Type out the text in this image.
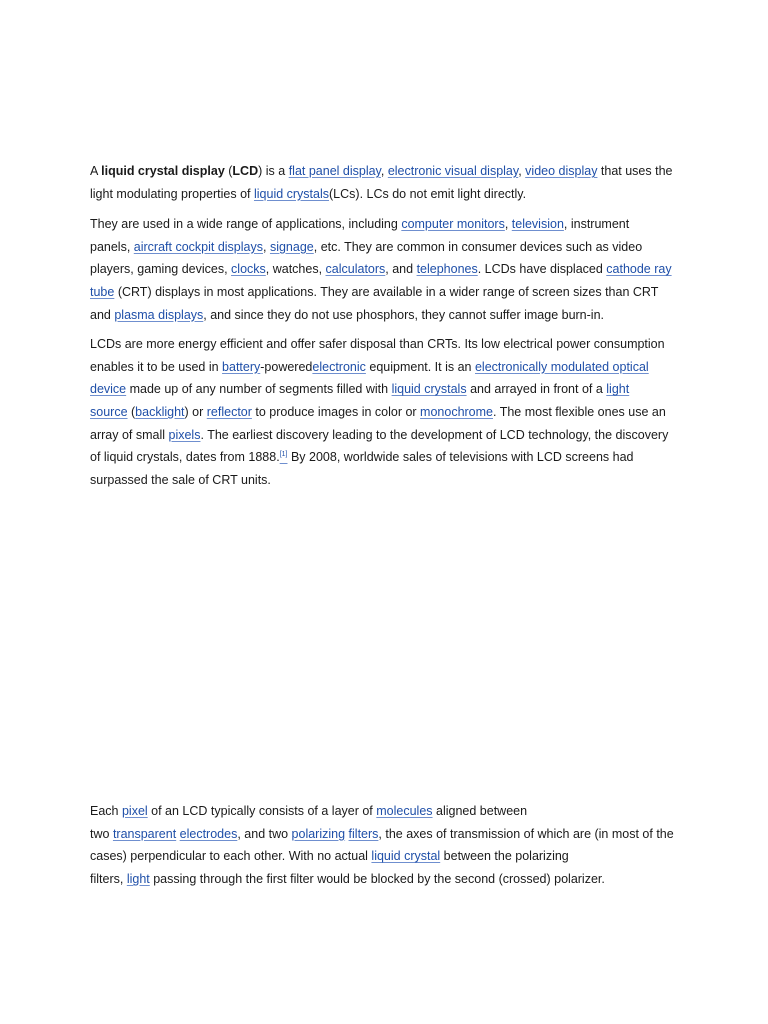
A liquid crystal display (LCD) is a flat panel display, electronic visual display, video display that uses the
light modulating properties of liquid crystals(LCs). LCs do not emit light directly.
They are used in a wide range of applications, including computer monitors, television, instrument
panels, aircraft cockpit displays, signage, etc. They are common in consumer devices such as video
players, gaming devices, clocks, watches, calculators, and telephones. LCDs have displaced cathode ray
tube (CRT) displays in most applications. They are available in a wider range of screen sizes than CRT
and plasma displays, and since they do not use phosphors, they cannot suffer image burn-in.
LCDs are more energy efficient and offer safer disposal than CRTs. Its low electrical power consumption
enables it to be used in battery-poweredelectronic equipment. It is an electronically modulated optical
device made up of any number of segments filled with liquid crystals and arrayed in front of a light
source (backlight) or reflector to produce images in color or monochrome. The most flexible ones use an
array of small pixels. The earliest discovery leading to the development of LCD technology, the discovery
of liquid crystals, dates from 1888.[1] By 2008, worldwide sales of televisions with LCD screens had
surpassed the sale of CRT units.
Each pixel of an LCD typically consists of a layer of molecules aligned between
two transparent electrodes, and two polarizing filters, the axes of transmission of which are (in most of the
cases) perpendicular to each other. With no actual liquid crystal between the polarizing
filters, light passing through the first filter would be blocked by the second (crossed) polarizer.
